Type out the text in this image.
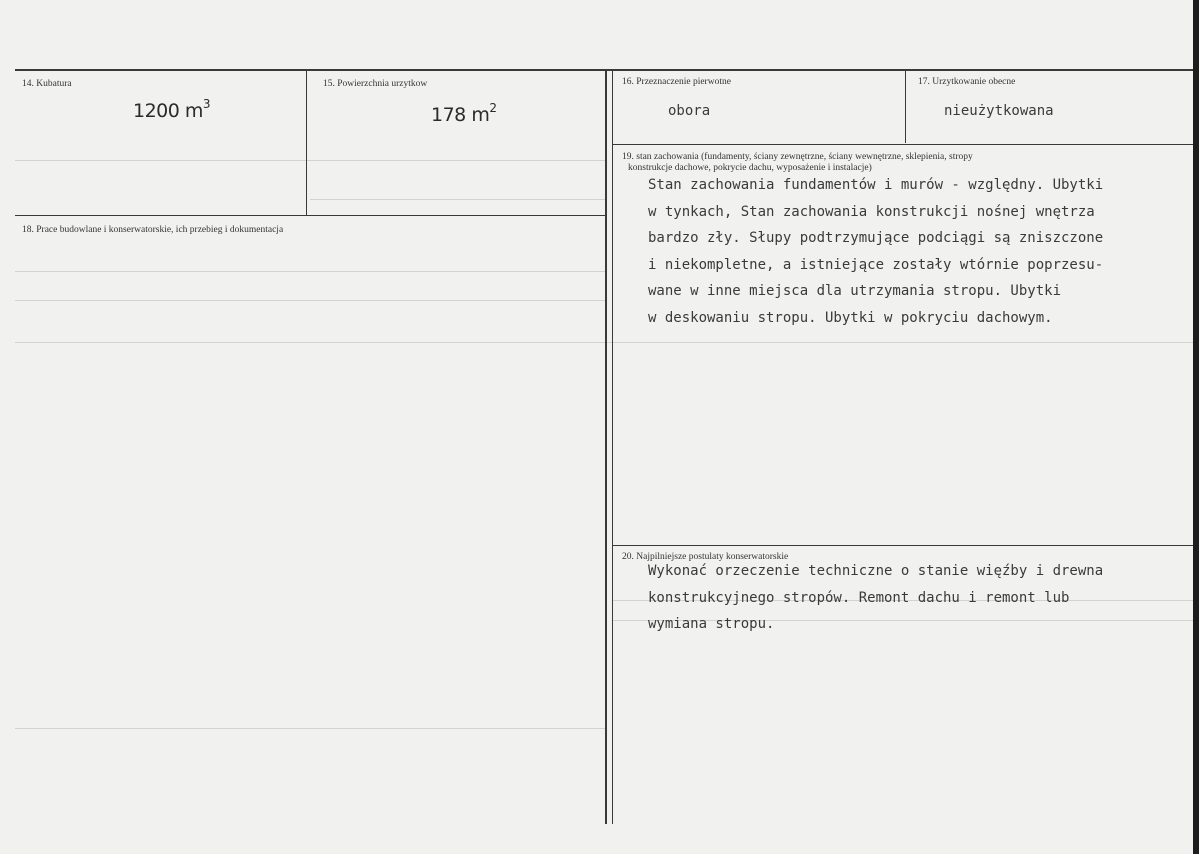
14. Kubatura
1200 $m^3$
15. Powierzchnia urzytkow
178 $m^2$
16. Przeznaczenie pierwotne
obora
17. Urzytkowanie obecne
nieużytkowana
18. Prace budowlane i konserwatorskie, ich przebieg i dokumentacja
19. stan zachowania (fundamenty, ściany zewnętrzne, ściany wewnętrzne, sklepienia, stropy
konstrukcje dachowe, pokrycie dachu, wyposażenie i instalacje)
Stan zachowania fundamentów i murów - względny. Ubytki
w tynkach, Stan zachowania konstrukcji nośnej wnętrza
bardzo zły. Słupy podtrzymujące podciągi są zniszczone
i niekompletne, a istniejące zostały wtórnie poprzesu-
wane w inne miejsca dla utrzymania stropu. Ubytki
w deskowaniu stropu. Ubytki w pokryciu dachowym.
20. Najpilniejsze postulaty konserwatorskie
Wykonać orzeczenie techniczne o stanie więźby i drewna
konstrukcyjnego stropów. Remont dachu i remont lub
wymiana stropu.
